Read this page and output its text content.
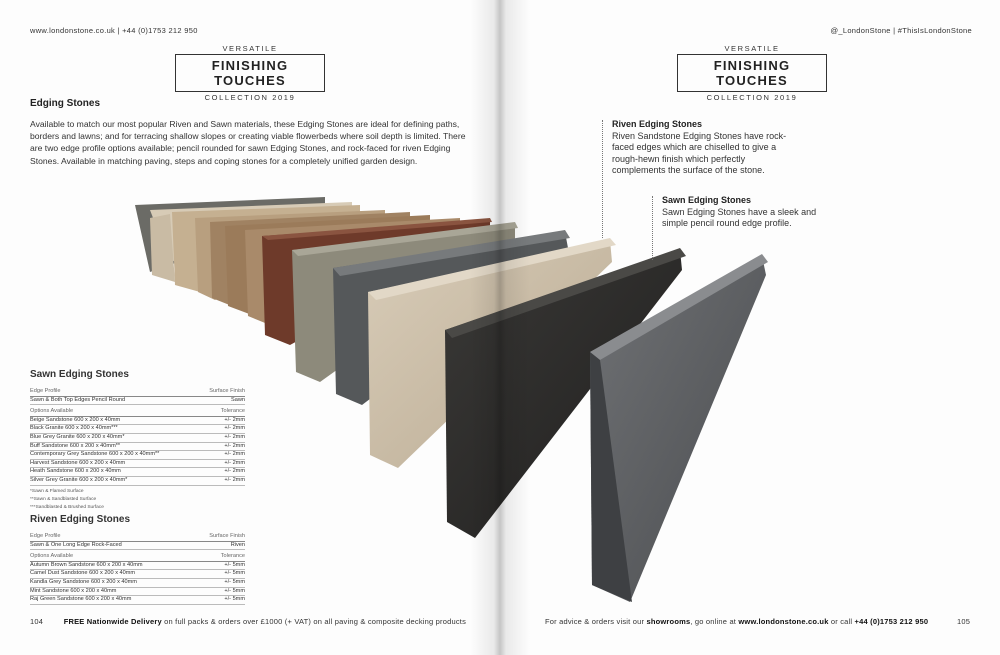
www.londonstone.co.uk | +44 (0)1753 212 950	@_LondonStone | #ThisIsLondonStone
VERSATILE
FINISHING TOUCHES
COLLECTION 2019
VERSATILE
FINISHING TOUCHES
COLLECTION 2019
Edging Stones
Available to match our most popular Riven and Sawn materials, these Edging Stones are ideal for defining paths, borders and lawns; and for terracing shallow slopes or creating viable flowerbeds where soil depth is limited. There are two edge profile options available; pencil rounded for sawn Edging Stones, and rock-faced for riven Edging Stones. Available in matching paving, steps and coping stones for a completely unified garden design.
Sawn Edging Stones
Edge Profile	Surface Finish
Sawn & Both Top Edges Pencil Round	Sawn
Options Available	Tolerance
Beige Sandstone 600 x 200 x 40mm	+/- 2mm
Black Granite 600 x 200 x 40mm***	+/- 2mm
Blue Grey Granite 600 x 200 x 40mm*	+/- 2mm
Buff Sandstone 600 x 200 x 40mm**	+/- 2mm
Contemporary Grey Sandstone 600 x 200 x 40mm**	+/- 2mm
Harvest Sandstone 600 x 200 x 40mm	+/- 2mm
Heath Sandstone 600 x 200 x 40mm	+/- 2mm
Silver Grey Granite 600 x 200 x 40mm*	+/- 2mm
*Sawn & Flamed Surface
**Sawn & Sandblasted Surface
***Sandblasted & Brushed Surface
Riven Edging Stones
Edge Profile	Surface Finish
Sawn & One Long Edge Rock-Faced	Riven
Options Available	Tolerance
Autumn Brown Sandstone 600 x 200 x 40mm	+/- 5mm
Camel Dust Sandstone 600 x 200 x 40mm	+/- 5mm
Kandla Grey Sandstone 600 x 200 x 40mm	+/- 5mm
Mint Sandstone 600 x 200 x 40mm	+/- 5mm
Raj Green Sandstone 600 x 200 x 40mm	+/- 5mm
Riven Edging Stones
Riven Sandstone Edging Stones have rock-faced edges which are chiselled to give a rough-hewn finish which perfectly complements the surface of the stone.
Sawn Edging Stones
Sawn Edging Stones have a sleek and simple pencil round edge profile.
104	FREE Nationwide Delivery on full packs & orders over £1000 (+ VAT) on all paving & composite decking products	For advice & orders visit our showrooms, go online at www.londonstone.co.uk or call +44 (0)1753 212 950	105
